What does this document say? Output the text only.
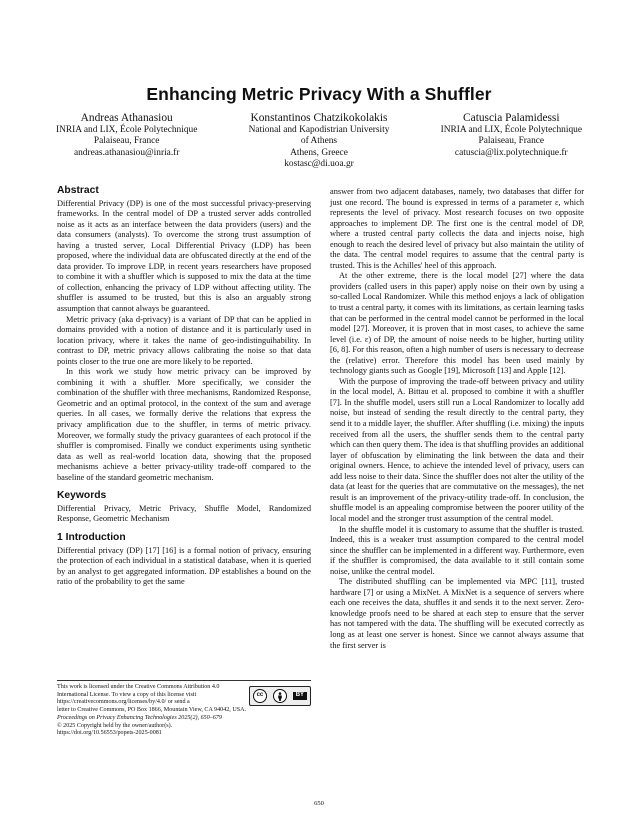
Enhancing Metric Privacy With a Shuffler
Andreas Athanasiou
INRIA and LIX, École Polytechnique
Palaiseau, France
andreas.athanasiou@inria.fr
Konstantinos Chatzikokolakis
National and Kapodistrian University
of Athens
Athens, Greece
kostasc@di.uoa.gr
Catuscia Palamidessi
INRIA and LIX, École Polytechnique
Palaiseau, France
catuscia@lix.polytechnique.fr
Abstract

Differential Privacy (DP) is one of the most successful privacy-preserving frameworks. In the central model of DP a trusted server adds controlled noise as it acts as an interface between the data providers (users) and the data consumers (analysts). To overcome the strong trust assumption of having a trusted server, Local Differential Privacy (LDP) has been proposed, where the individual data are obfuscated directly at the end of the data provider. To improve LDP, in recent years researchers have proposed to combine it with a shuffler which is supposed to mix the data at the time of collection, enhancing the privacy of LDP without affecting utility. The shuffler is assumed to be trusted, but this is also an arguably strong assumption that cannot always be guaranteed.

Metric privacy (aka d-privacy) is a variant of DP that can be applied in domains provided with a notion of distance and it is particularly used in location privacy, where it takes the name of geo-indistinguihability. In contrast to DP, metric privacy allows calibrating the noise so that data points closer to the true one are more likely to be reported.

In this work we study how metric privacy can be improved by combining it with a shuffler. More specifically, we consider the combination of the shuffler with three mechanisms, Randomized Response, Geometric and an optimal protocol, in the context of the sum and average queries. In all cases, we formally derive the relations that express the privacy amplification due to the shuffler, in terms of metric privacy. Moreover, we formally study the privacy guarantees of each protocol if the shuffler is compromised. Finally we conduct experiments using synthetic data as well as real-world location data, showing that the proposed mechanisms achieve a better privacy-utility trade-off compared to the baseline of the standard geometric mechanism.

Keywords

Differential Privacy, Metric Privacy, Shuffle Model, Randomized Response, Geometric Mechanism

1 Introduction

Differential privacy (DP) [17] [16] is a formal notion of privacy, ensuring the protection of each individual in a statistical database, when it is queried by an analyst to get aggregated information. DP establishes a bound on the ratio of the probability to get the same

answer from two adjacent databases, namely, two databases that differ for just one record. The bound is expressed in terms of a parameter ε, which represents the level of privacy. Most research focuses on two opposite approaches to implement DP. The first one is the central model of DP, where a trusted central party collects the data and injects noise, high enough to reach the desired level of privacy but also maintain the utility of the data. The central model requires to assume that the central party is trusted. This is the Achilles' heel of this approach.

At the other extreme, there is the local model [27] where the data providers (called users in this paper) apply noise on their own by using a so-called Local Randomizer. While this method enjoys a lack of obligation to trust a central party, it comes with its limitations, as certain learning tasks that can be performed in the central model cannot be performed in the local model [27]. Moreover, it is proven that in most cases, to achieve the same level (i.e. ε) of DP, the amount of noise needs to be higher, hurting utility [6, 8]. For this reason, often a high number of users is necessary to decrease the (relative) error. Therefore this model has been used mainly by technology giants such as Google [19], Microsoft [13] and Apple [12].

With the purpose of improving the trade-off between privacy and utility in the local model, A. Bittau et al. proposed to combine it with a shuffler [7]. In the shuffle model, users still run a Local Randomizer to locally add noise, but instead of sending the result directly to the central party, they send it to a middle layer, the shuffler. After shuffling (i.e. mixing) the inputs received from all the users, the shuffler sends them to the central party which can then query them. The idea is that shuffling provides an additional layer of obfuscation by eliminating the link between the data and their original owners. Hence, to achieve the intended level of privacy, users can add less noise to their data. Since the shuffler does not alter the utility of the data (at least for the queries that are commutative on the messages), the net result is an improvement of the privacy-utility trade-off. In conclusion, the shuffle model is an appealing compromise between the poorer utility of the local model and the stronger trust assumption of the central model.

In the shuffle model it is customary to assume that the shuffler is trusted. Indeed, this is a weaker trust assumption compared to the central model since the shuffler can be implemented in a different way. Furthermore, even if the shuffler is compromised, the data available to it still contain some noise, unlike the central model.

The distributed shuffling can be implemented via MPC [11], trusted hardware [7] or using a MixNet. A MixNet is a sequence of servers where each one receives the data, shuffles it and sends it to the next server. Zero-knowledge proofs need to be shared at each step to ensure that the server has not tampered with the data. The shuffling will be executed correctly as long as at least one server is honest. Since we cannot always assume that the first server is

This work is licensed under the Creative Commons Attribution 4.0 International License. To view a copy of this license visit https://creativecommons.org/licenses/by/4.0/ or send a
cc	BY
letter to Creative Commons, PO Box 1866, Mountain View, CA 94042, USA.
Proceedings on Privacy Enhancing Technologies 2025(2), 650–679
© 2025 Copyright held by the owner/author(s).
https://doi.org/10.56553/popets-2025-0081
650
